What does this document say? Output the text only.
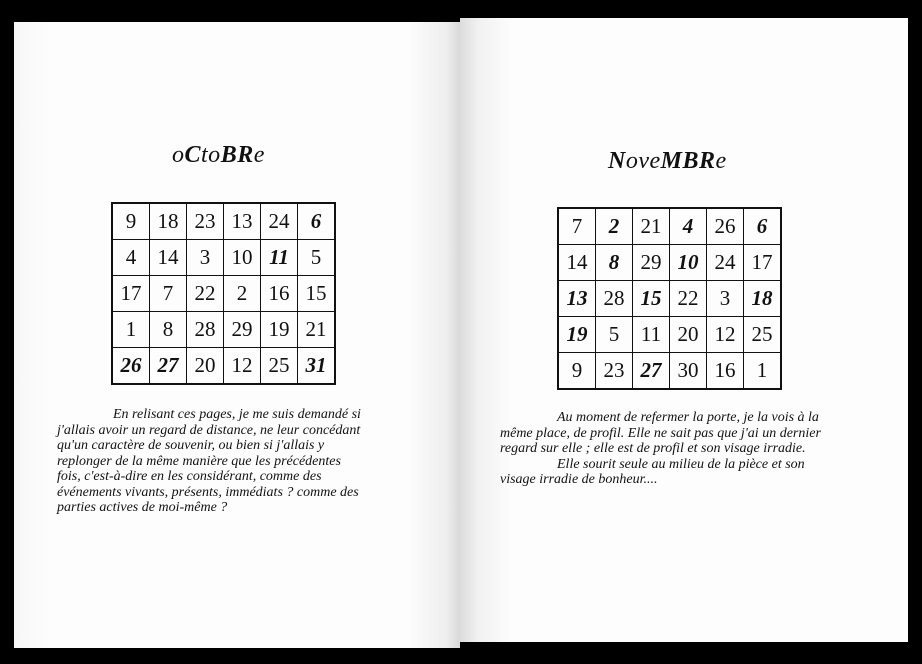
oCtoBRe
9	18	23	13	24	6
4	14	3	10	11	5
17	7	22	2	16	15
1	8	28	29	19	21
26	27	20	12	25	31

En relisant ces pages, je me suis demandé si

j'allais avoir un regard de distance, ne leur concédant

qu'un caractère de souvenir, ou bien si j'allais y

replonger de la même manière que les précédentes

fois, c'est-à-dire en les considérant, comme des

événements vivants, présents, immédiats ? comme des

parties actives de moi-même ?

NoveMBRe
7	2	21	4	26	6
14	8	29	10	24	17
13	28	15	22	3	18
19	5	11	20	12	25
9	23	27	30	16	1

Au moment de refermer la porte, je la vois à la

même place, de profil. Elle ne sait pas que j'ai un dernier

regard sur elle ; elle est de profil et son visage irradie.

Elle sourit seule au milieu de la pièce et son

visage irradie de bonheur....
